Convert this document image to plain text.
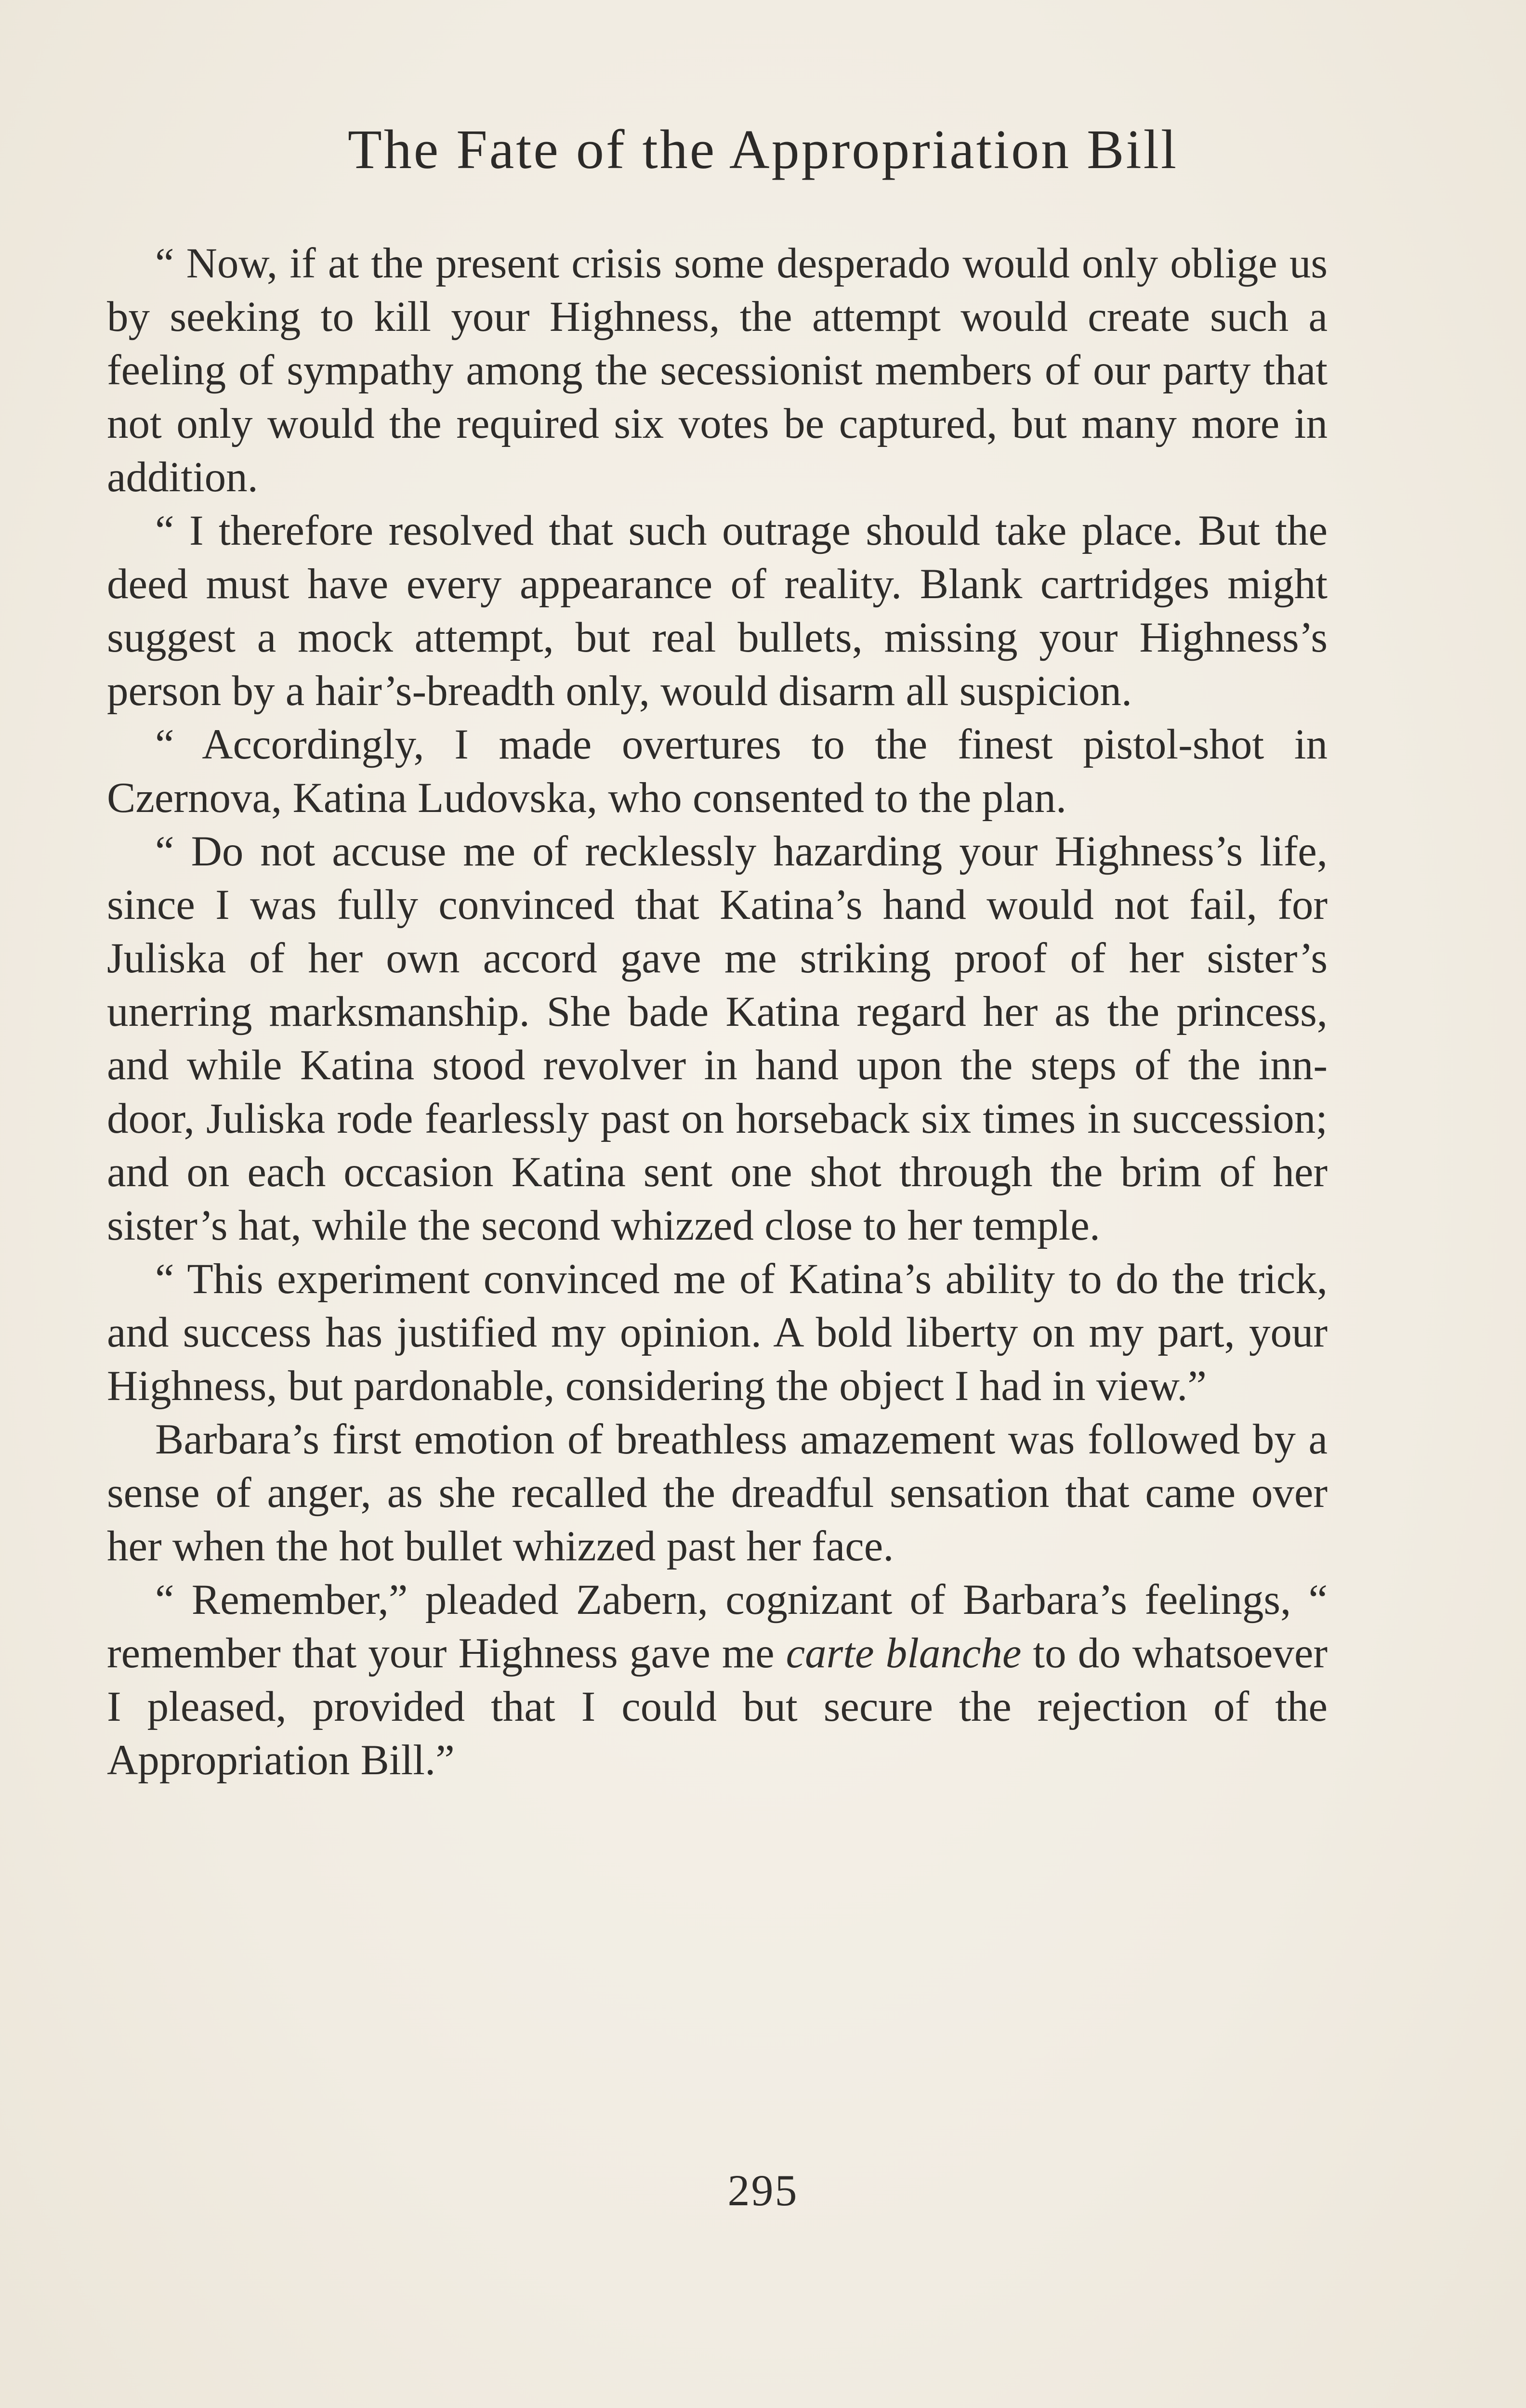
The Fate of the Appropriation Bill

“ Now, if at the present crisis some desperado would only oblige us by seeking to kill your Highness, the attempt would create such a feeling of sympathy among the secessionist members of our party that not only would the required six votes be captured, but many more in addition.

“ I therefore resolved that such outrage should take place. But the deed must have every appearance of reality. Blank cartridges might suggest a mock attempt, but real bullets, missing your Highness’s person by a hair’s-breadth only, would disarm all suspicion.

“ Accordingly, I made overtures to the finest pistol-shot in Czernova, Katina Ludovska, who consented to the plan.

“ Do not accuse me of recklessly hazarding your Highness’s life, since I was fully convinced that Katina’s hand would not fail, for Juliska of her own accord gave me striking proof of her sister’s unerring marksmanship. She bade Katina regard her as the princess, and while Katina stood revolver in hand upon the steps of the inn-door, Juliska rode fearlessly past on horseback six times in succession; and on each occasion Katina sent one shot through the brim of her sister’s hat, while the second whizzed close to her temple.

“ This experiment convinced me of Katina’s ability to do the trick, and success has justified my opinion. A bold liberty on my part, your Highness, but pardonable, considering the object I had in view.”

Barbara’s first emotion of breathless amazement was followed by a sense of anger, as she recalled the dreadful sensation that came over her when the hot bullet whizzed past her face.

“ Remember,” pleaded Zabern, cognizant of Barbara’s feelings, “ remember that your Highness gave me carte blanche to do whatsoever I pleased, provided that I could but secure the rejection of the Appropriation Bill.”

295
